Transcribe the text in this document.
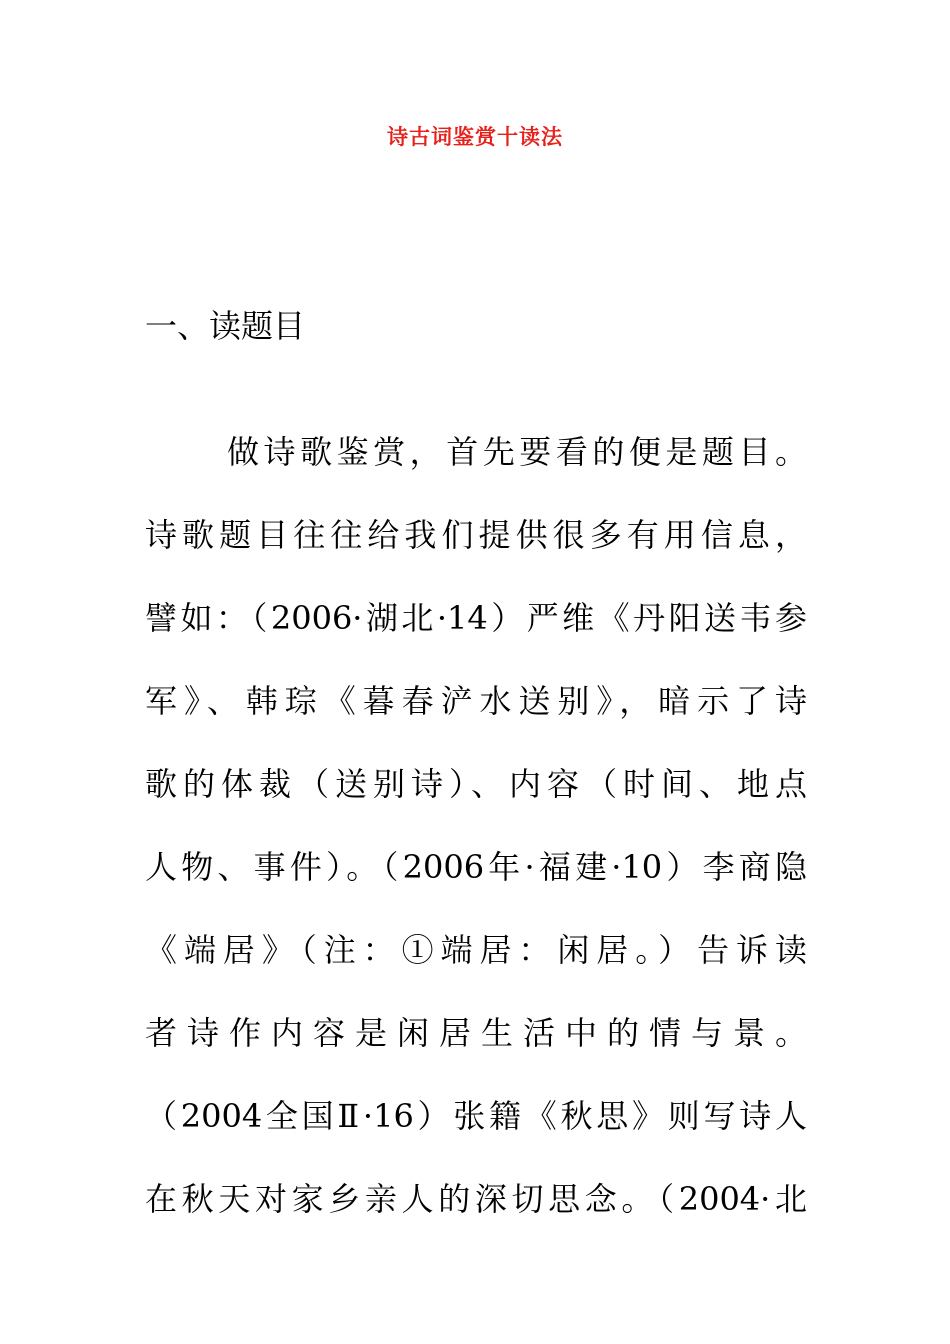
诗古词鉴赏十读法
一、读题目
做诗歌鉴赏，首先要看的便是题目。
诗歌题目往往给我们提供很多有用信息，
譬如：（2006·湖北·14）严维《丹阳送韦参
军》、韩琮《暮春浐水送别》，暗示了诗
歌的体裁（送别诗）、内容（时间、地点
人物、事件）。（2006年·福建·10）李商隐
《端居》（注：①端居：闲居。）告诉读
者诗作内容是闲居生活中的情与景。
（2004全国Ⅱ·16）张籍《秋思》则写诗人
在秋天对家乡亲人的深切思念。（2004·北
